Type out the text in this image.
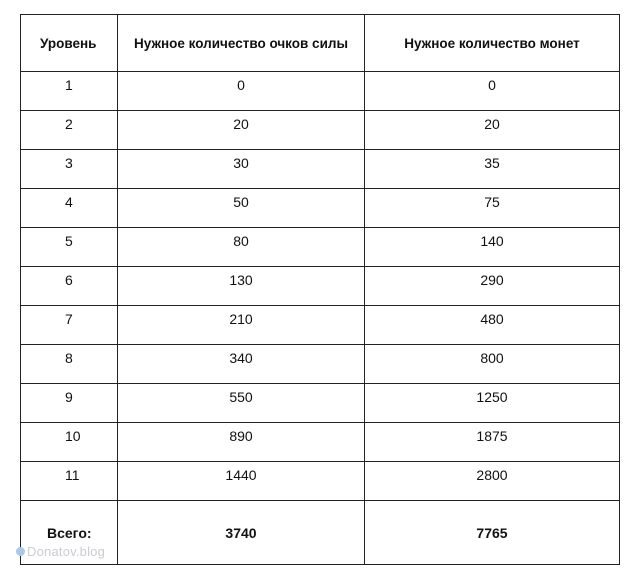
Уровень	Нужное количество очков силы	Нужное количество монет
1	0	0
2	20	20
3	30	35
4	50	75
5	80	140
6	130	290
7	210	480
8	340	800
9	550	1250
10	890	1875
11	1440	2800
Всего:	3740	7765
Donatov.blog
